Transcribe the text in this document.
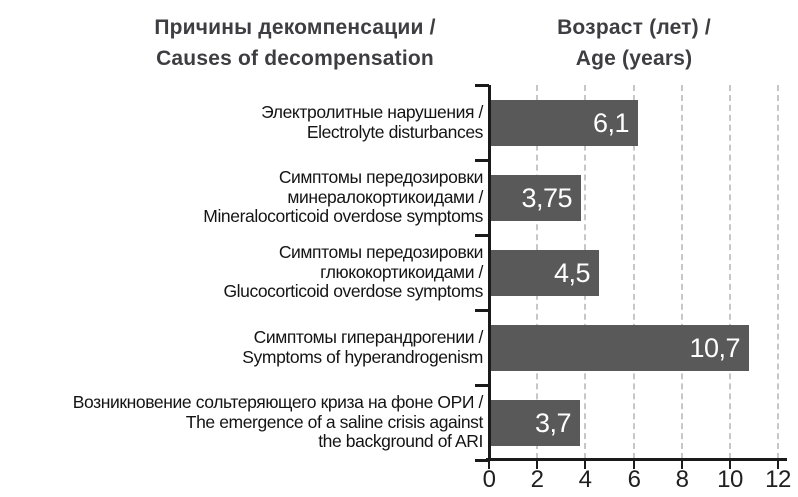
Причины декомпенсации /
Causes of decompensation
Возраст (лет) /
Age (years)
Электролитные нарушения /
Electrolyte disturbances	6,1
Симптомы передозировки
минералокортикоидами /
Mineralocorticoid overdose symptoms
3,75
Симптомы передозировки
глюкокортикоидами /
Glucocorticoid overdose symptoms
4,5
Симптомы гиперандрогении /
Symptoms of hyperandrogenism	10,7
Возникновение сольтеряющего криза на фоне ОРИ /
The emergence of a saline crisis against
the background of ARI
3,7
0	2	4	6	8	10 12
